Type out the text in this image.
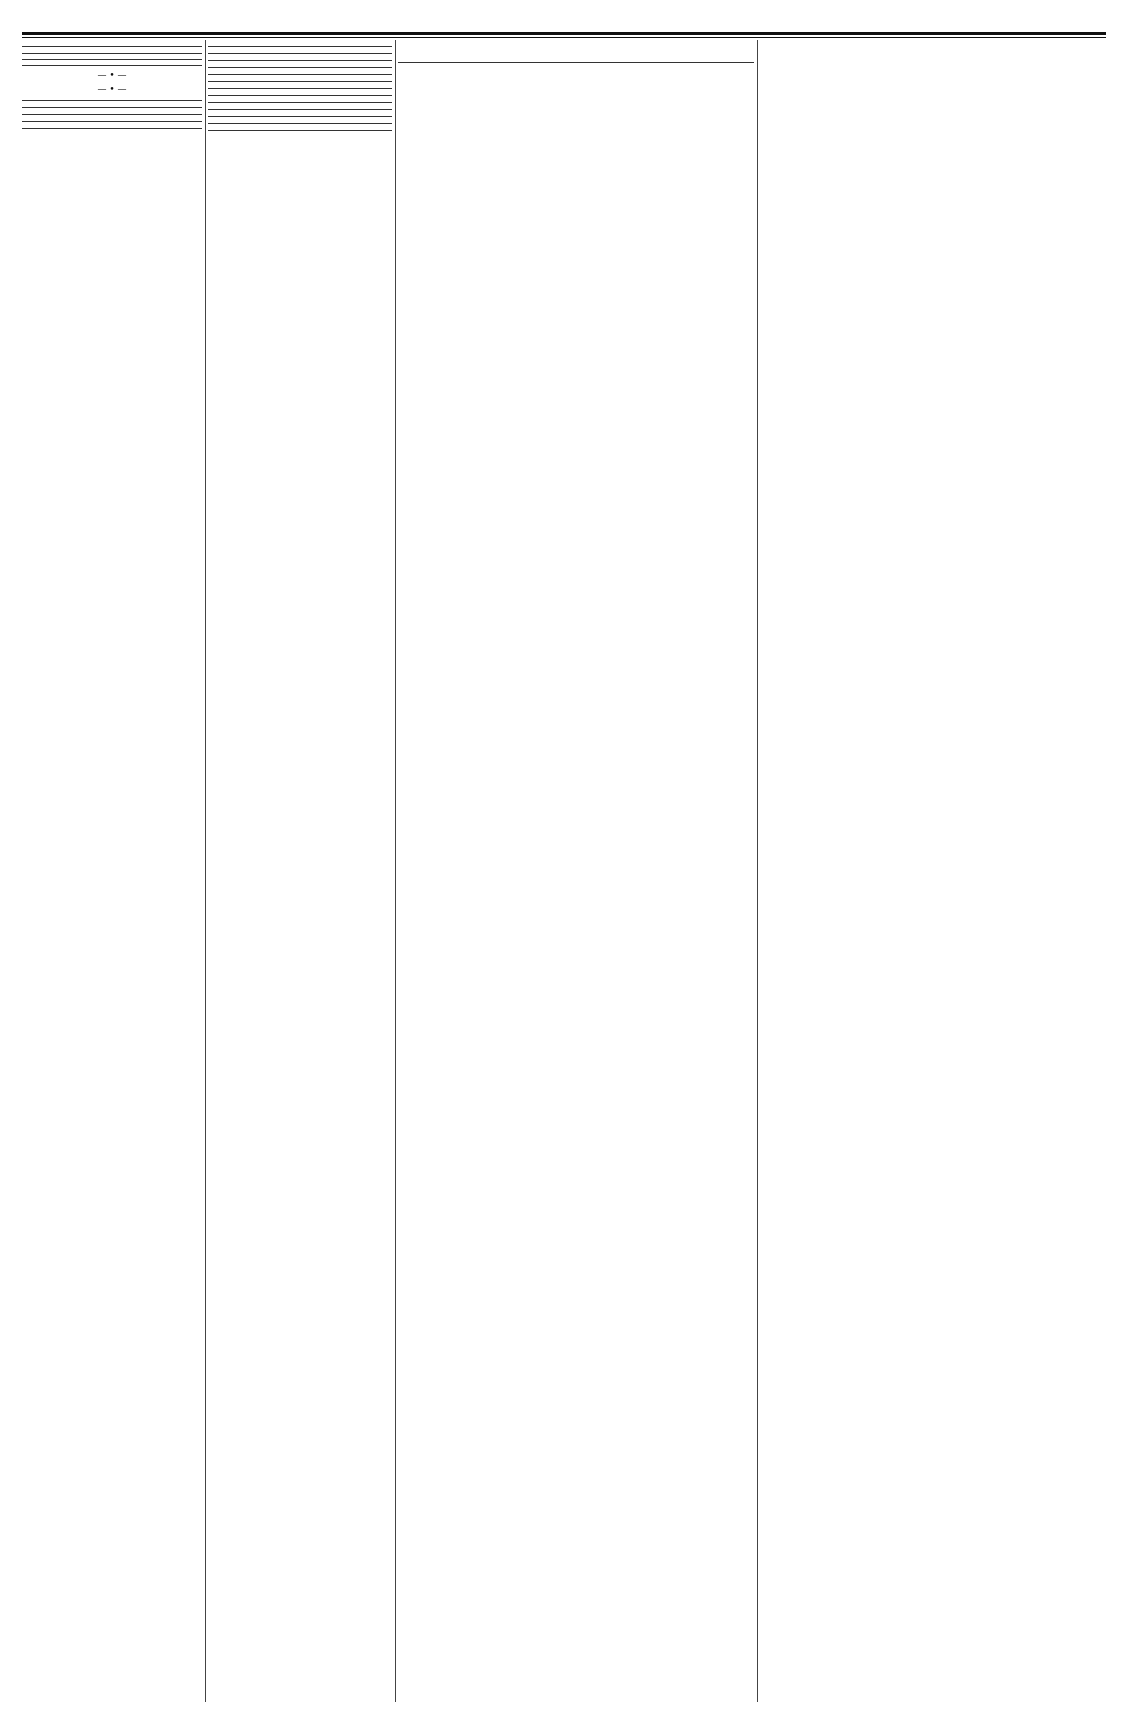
— • —

— • —
